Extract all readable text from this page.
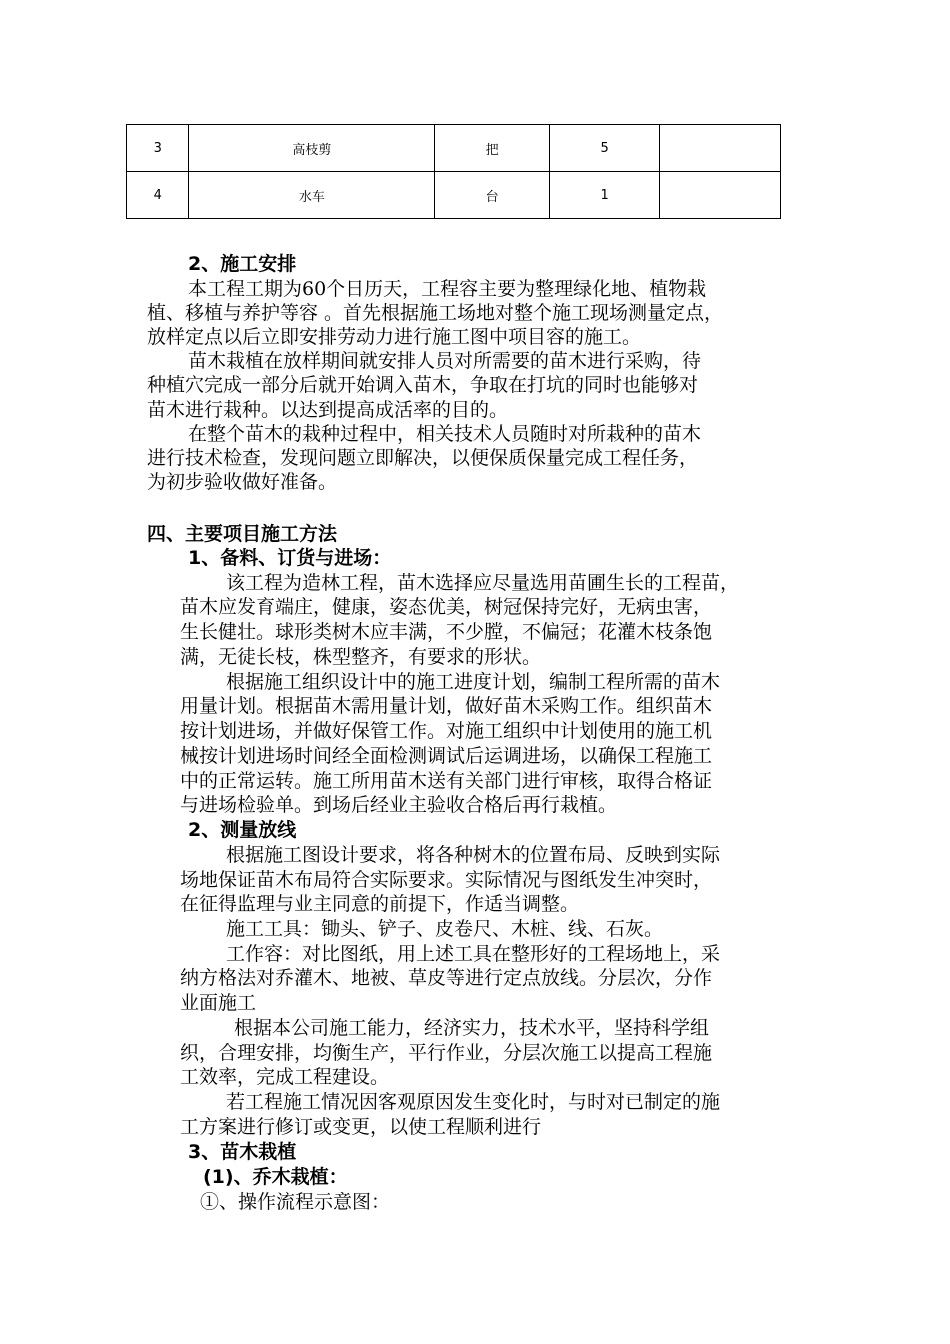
3	高枝剪	把	5	
4	水车	台	1	
2、施工安排
本工程工期为60个日历天，工程容主要为整理绿化地、植物栽
植、移植与养护等容 。首先根据施工场地对整个施工现场测量定点，
放样定点以后立即安排劳动力进行施工图中项目容的施工。
苗木栽植在放样期间就安排人员对所需要的苗木进行采购，待
种植穴完成一部分后就开始调入苗木，争取在打坑的同时也能够对
苗木进行栽种。以达到提高成活率的目的。
在整个苗木的栽种过程中，相关技术人员随时对所栽种的苗木
进行技术检查，发现问题立即解决，以便保质保量完成工程任务，
为初步验收做好准备。
四、主要项目施工方法
1、备料、订货与进场：
该工程为造林工程，苗木选择应尽量选用苗圃生长的工程苗，
苗木应发育端庄，健康，姿态优美，树冠保持完好，无病虫害，
生长健壮。球形类树木应丰满，不少膛，不偏冠；花灌木枝条饱
满，无徒长枝，株型整齐，有要求的形状。
根据施工组织设计中的施工进度计划，编制工程所需的苗木
用量计划。根据苗木需用量计划，做好苗木采购工作。组织苗木
按计划进场，并做好保管工作。对施工组织中计划使用的施工机
械按计划进场时间经全面检测调试后运调进场，以确保工程施工
中的正常运转。施工所用苗木送有关部门进行审核，取得合格证
与进场检验单。到场后经业主验收合格后再行栽植。
2、测量放线
根据施工图设计要求，将各种树木的位置布局、反映到实际
场地保证苗木布局符合实际要求。实际情况与图纸发生冲突时，
在征得监理与业主同意的前提下，作适当调整。
施工工具：锄头、铲子、皮卷尺、木桩、线、石灰。
工作容：对比图纸，用上述工具在整形好的工程场地上，采
纳方格法对乔灌木、地被、草皮等进行定点放线。分层次，分作
业面施工
根据本公司施工能力，经济实力，技术水平，坚持科学组
织，合理安排，均衡生产，平行作业，分层次施工以提高工程施
工效率，完成工程建设。
若工程施工情况因客观原因发生变化时，与时对已制定的施
工方案进行修订或变更，以使工程顺利进行
3、苗木栽植
(1)、乔木栽植：
①、操作流程示意图：
